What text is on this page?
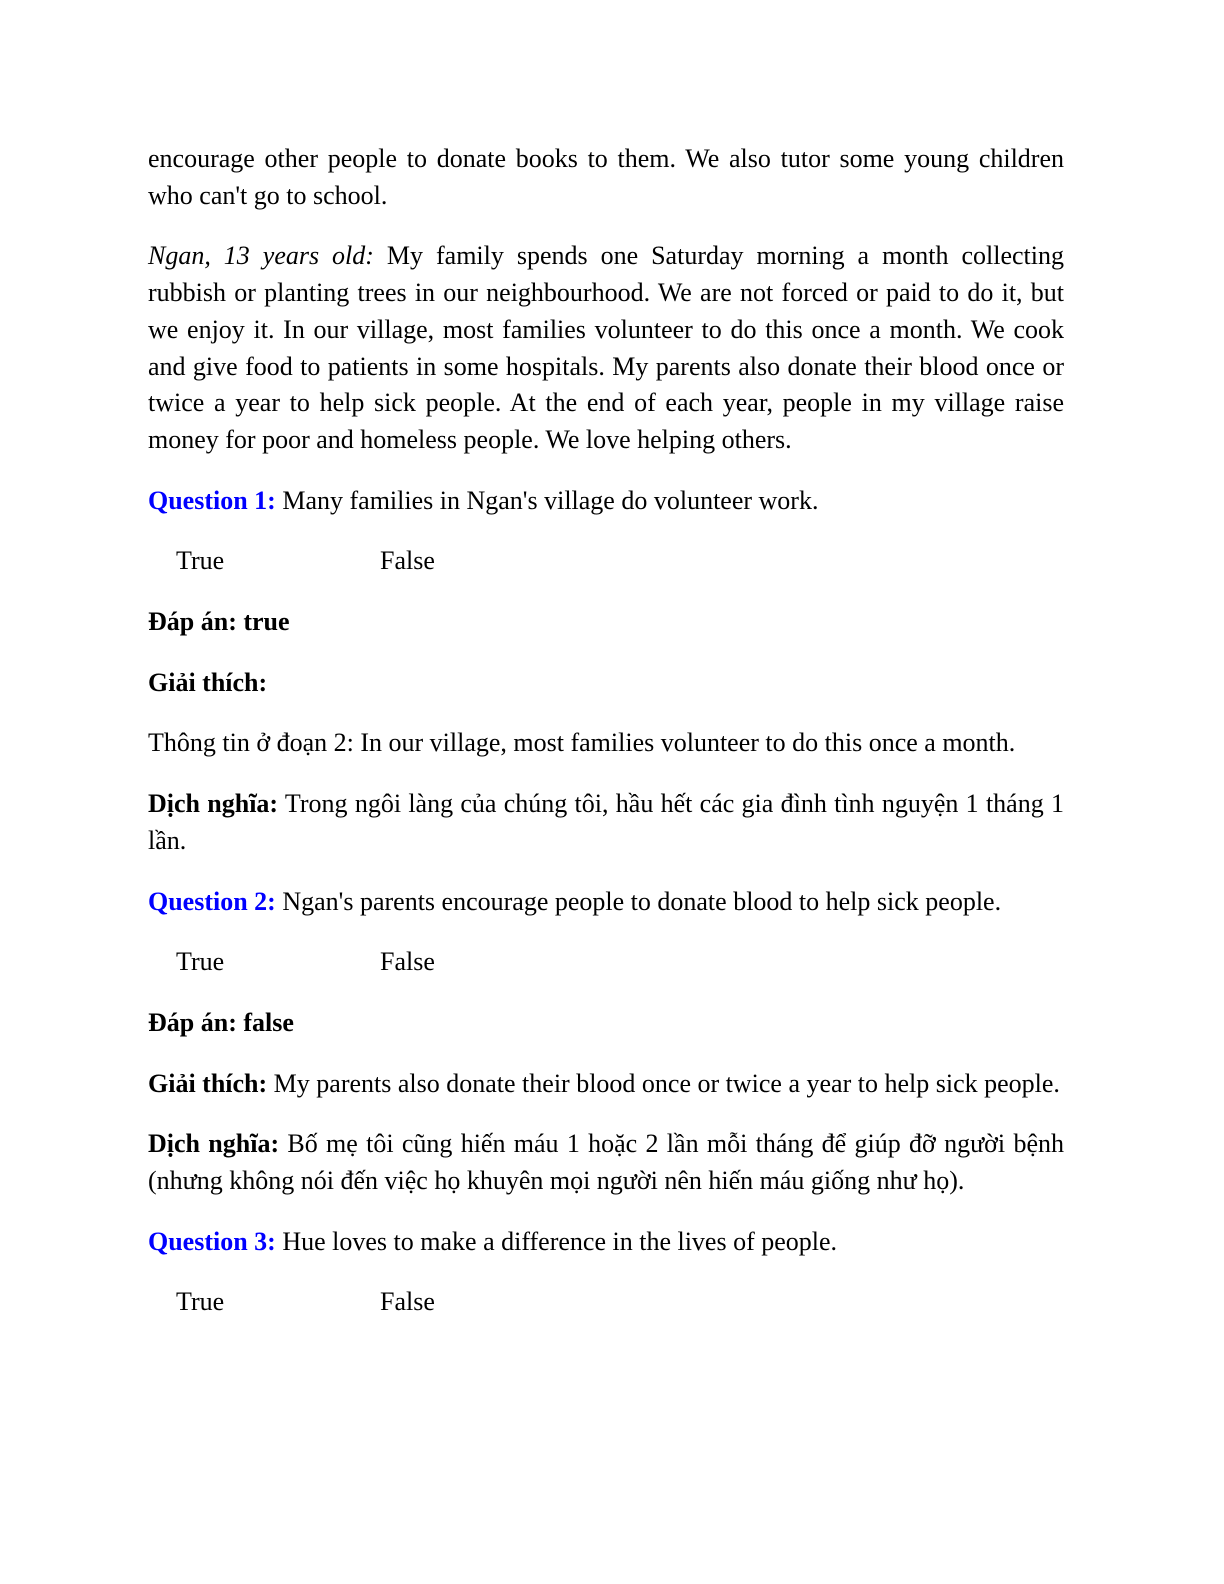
encourage other people to donate books to them. We also tutor some young children who can't go to school.

Ngan, 13 years old: My family spends one Saturday morning a month collecting rubbish or planting trees in our neighbourhood. We are not forced or paid to do it, but we enjoy it. In our village, most families volunteer to do this once a month. We cook and give food to patients in some hospitals. My parents also donate their blood once or twice a year to help sick people. At the end of each year, people in my village raise money for poor and homeless people. We love helping others.

Question 1: Many families in Ngan's village do volunteer work.

True	False

Đáp án: true

Giải thích:

Thông tin ở đoạn 2: In our village, most families volunteer to do this once a month.

Dịch nghĩa: Trong ngôi làng của chúng tôi, hầu hết các gia đình tình nguyện 1 tháng 1 lần.

Question 2: Ngan's parents encourage people to donate blood to help sick people.

True	False

Đáp án: false

Giải thích: My parents also donate their blood once or twice a year to help sick people.

Dịch nghĩa: Bố mẹ tôi cũng hiến máu 1 hoặc 2 lần mỗi tháng để giúp đỡ người bệnh (nhưng không nói đến việc họ khuyên mọi người nên hiến máu giống như họ).

Question 3: Hue loves to make a difference in the lives of people.

True	False
